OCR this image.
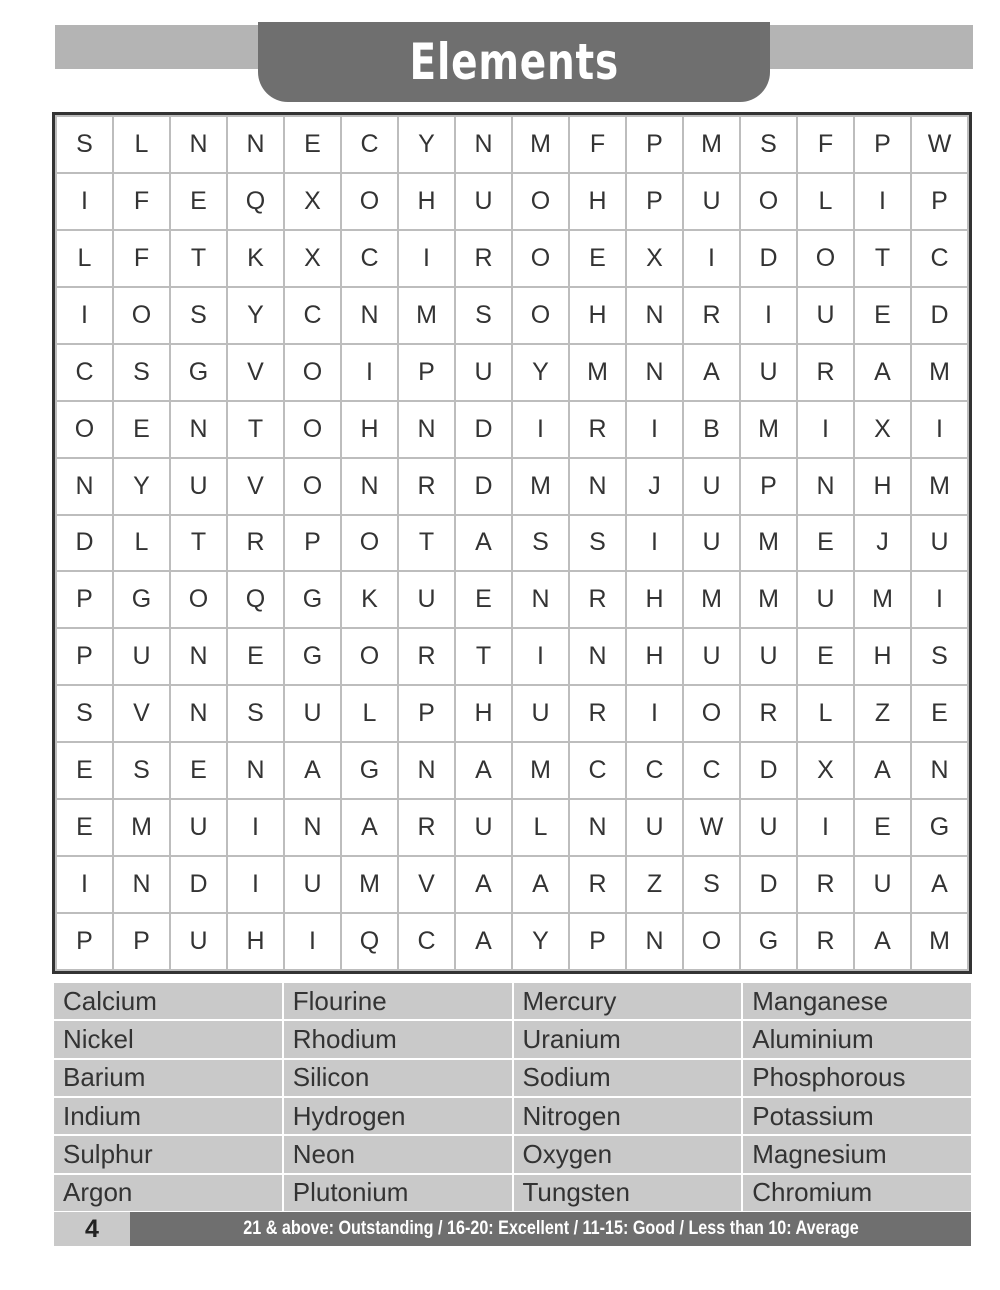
Elements
S	L	N	N	E	C	Y	N	M	F	P	M	S	F	P	W
I	F	E	Q	X	O	H	U	O	H	P	U	O	L	I	P
L	F	T	K	X	C	I	R	O	E	X	I	D	O	T	C
I	O	S	Y	C	N	M	S	O	H	N	R	I	U	E	D
C	S	G	V	O	I	P	U	Y	M	N	A	U	R	A	M
O	E	N	T	O	H	N	D	I	R	I	B	M	I	X	I
N	Y	U	V	O	N	R	D	M	N	J	U	P	N	H	M
D	L	T	R	P	O	T	A	S	S	I	U	M	E	J	U
P	G	O	Q	G	K	U	E	N	R	H	M	M	U	M	I
P	U	N	E	G	O	R	T	I	N	H	U	U	E	H	S
S	V	N	S	U	L	P	H	U	R	I	O	R	L	Z	E
E	S	E	N	A	G	N	A	M	C	C	C	D	X	A	N
E	M	U	I	N	A	R	U	L	N	U	W	U	I	E	G
I	N	D	I	U	M	V	A	A	R	Z	S	D	R	U	A
P	P	U	H	I	Q	C	A	Y	P	N	O	G	R	A	M
Calcium	Flourine	Mercury	Manganese
Nickel	Rhodium	Uranium	Aluminium
Barium	Silicon	Sodium	Phosphorous
Indium	Hydrogen	Nitrogen	Potassium
Sulphur	Neon	Oxygen	Magnesium
Argon	Plutonium	Tungsten	Chromium
4	21 & above: Outstanding / 16-20: Excellent / 11-15: Good / Less than 10: Average
